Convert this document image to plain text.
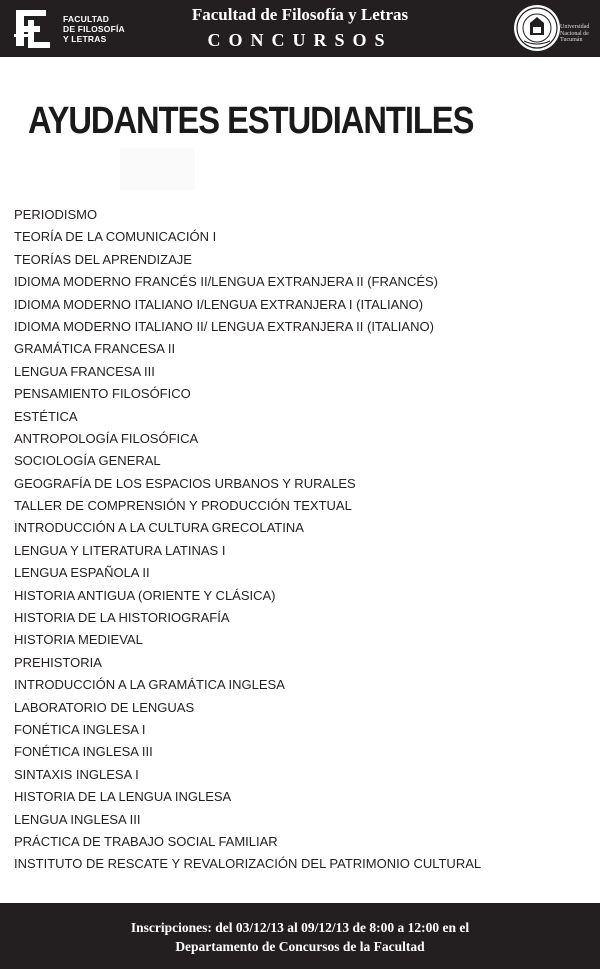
FACULTAD
DE FILOSOFÍA
Y LETRAS
Facultad de Filosofía y Letras
CONCURSOS
Universidad
Nacional de
Tucumán
AYUDANTES ESTUDIANTILES
PERIODISMO
TEORÍA DE LA COMUNICACIÓN I
TEORÍAS DEL APRENDIZAJE
IDIOMA MODERNO FRANCÉS II/LENGUA EXTRANJERA II (FRANCÉS)
IDIOMA MODERNO ITALIANO I/LENGUA EXTRANJERA I (ITALIANO)
IDIOMA MODERNO ITALIANO II/ LENGUA EXTRANJERA II (ITALIANO)
GRAMÁTICA FRANCESA II
LENGUA FRANCESA III
PENSAMIENTO FILOSÓFICO
ESTÉTICA
ANTROPOLOGÍA FILOSÓFICA
SOCIOLOGÍA GENERAL
GEOGRAFÍA DE LOS ESPACIOS URBANOS Y RURALES
TALLER DE COMPRENSIÓN Y PRODUCCIÓN TEXTUAL
INTRODUCCIÓN A LA CULTURA GRECOLATINA
LENGUA Y LITERATURA LATINAS I
LENGUA ESPAÑOLA II
HISTORIA ANTIGUA (ORIENTE Y CLÁSICA)
HISTORIA DE LA HISTORIOGRAFÍA
HISTORIA MEDIEVAL
PREHISTORIA
INTRODUCCIÓN A LA GRAMÁTICA INGLESA
LABORATORIO DE LENGUAS
FONÉTICA INGLESA I
FONÉTICA INGLESA III
SINTAXIS INGLESA I
HISTORIA DE LA LENGUA INGLESA
LENGUA INGLESA III
PRÁCTICA DE TRABAJO SOCIAL FAMILIAR
INSTITUTO DE RESCATE Y REVALORIZACIÓN DEL PATRIMONIO CULTURAL
Inscripciones: del 03/12/13 al 09/12/13 de 8:00 a 12:00 en el
Departamento de Concursos de la Facultad
